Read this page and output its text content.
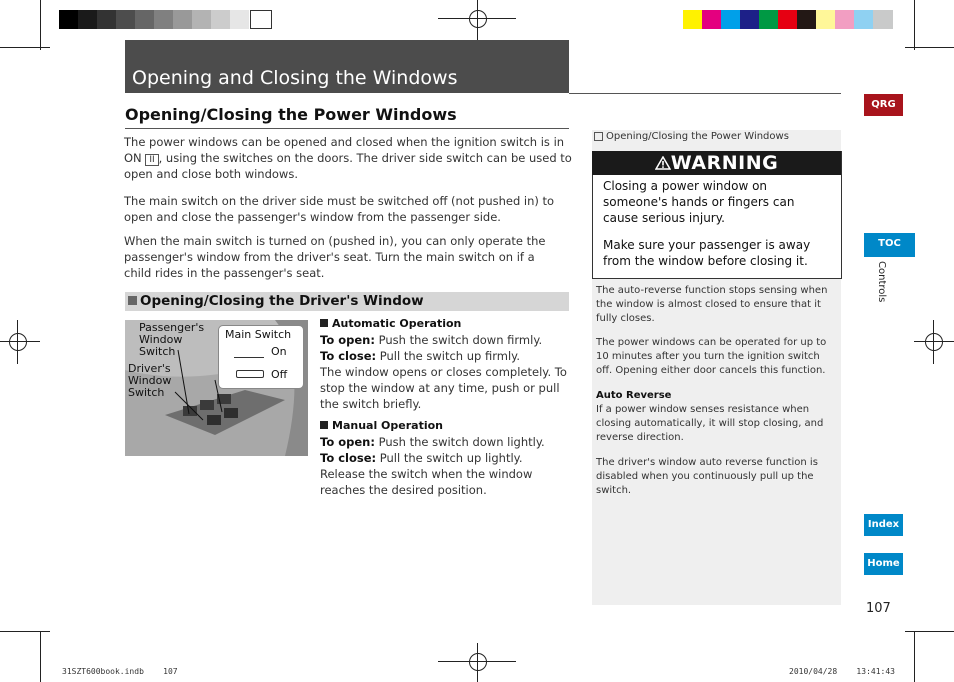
Opening and Closing the Windows
Opening/Closing the Power Windows
The power windows can be opened and closed when the ignition switch is in ON II , using the switches on the doors. The driver side switch can be used to open and close both windows.
The main switch on the driver side must be switched off (not pushed in) to open and close the passenger's window from the passenger side.
When the main switch is turned on (pushed in), you can only operate the passenger's window from the driver's seat. Turn the main switch on if a child rides in the passenger's seat.
Opening/Closing the Driver's Window
Passenger's Window Switch
Driver's Window Switch
Main Switch
On
Off
Automatic Operation
To open: Push the switch down firmly.
To close: Pull the switch up firmly.
The window opens or closes completely. To stop the window at any time, push or pull the switch briefly.
Manual Operation
To open: Push the switch down lightly.
To close: Pull the switch up lightly.
Release the switch when the window reaches the desired position.
Opening/Closing the Power Windows
WARNING
Closing a power window on someone's hands or fingers can cause serious injury.
Make sure your passenger is away from the window before closing it.
The auto-reverse function stops sensing when the window is almost closed to ensure that it fully closes.
The power windows can be operated for up to 10 minutes after you turn the ignition switch off. Opening either door cancels this function.
Auto Reverse
If a power window senses resistance when closing automatically, it will stop closing, and reverse direction.
The driver's window auto reverse function is disabled when you continuously pull up the switch.
QRG
TOC
Controls
Index
Home
107
31SZT600book.indb    107	2010/04/28    13:41:43
